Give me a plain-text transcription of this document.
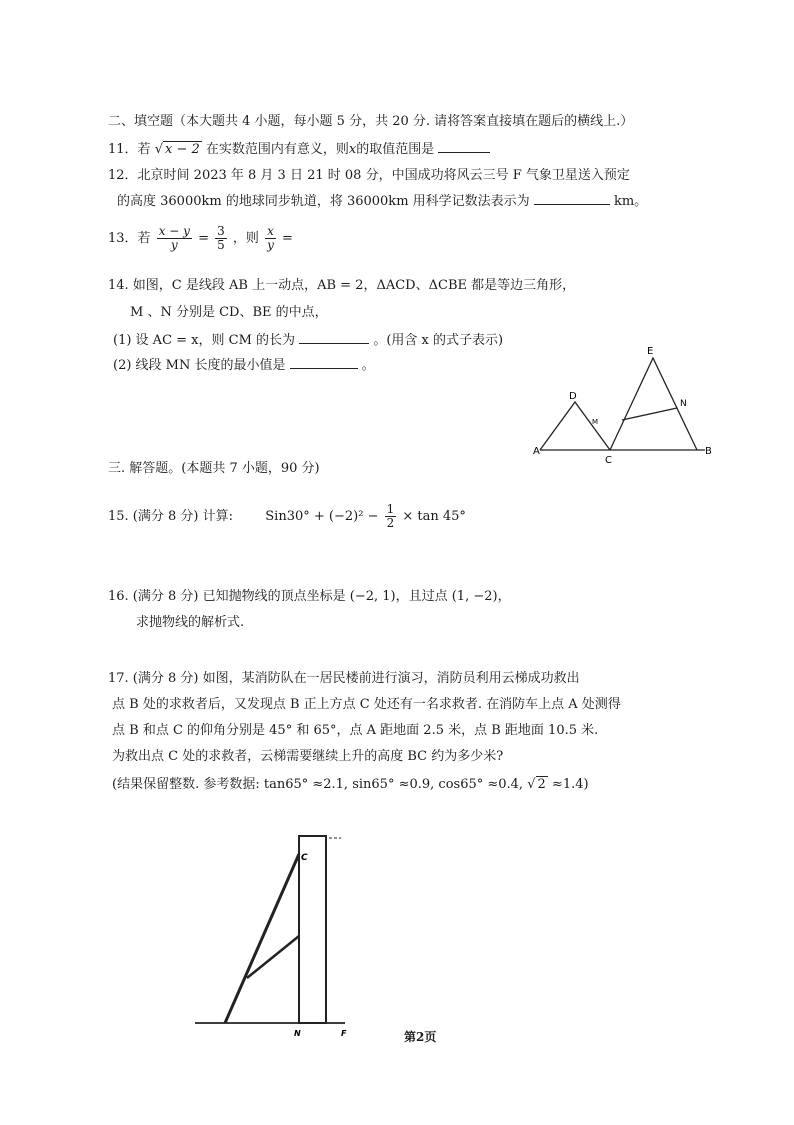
二、填空题（本大题共 4 小题，每小题 5 分，共 20 分. 请将答案直接填在题后的横线上.）
11．若 √ x − 2 在实数范围内有意义，则x的取值范围是
12．北京时间 2023 年 8 月 3 日 21 时 08 分，中国成功将风云三号 F 气象卫星送入预定
的高度 36000km 的地球同步轨道，将 36000km 用科学记数法表示为	km。
13．若 $\frac{x - y}{y} = \frac{3}{5}$ ，则 $\frac{x}{y}$ =
14. 如图，C 是线段 AB 上一动点，AB = 2，ΔACD、ΔCBE 都是等边三角形，
M 、N 分别是 CD、BE 的中点，
(1) 设 AC = x，则 CM 的长为	。(用含 x 的式子表示)
(2) 线段 MN 长度的最小值是	。
A	B
C
D
E
M
N
三. 解答题。(本题共 7 小题，90 分)
15. (满分 8 分) 计算: $Sin30^\circ + (-2)^2 - \frac{1}{2} \times \tan 45^\circ$
16. (满分 8 分) 已知抛物线的顶点坐标是 (−2, 1)，且过点 (1, −2)，
求抛物线的解析式.
17. (满分 8 分) 如图，某消防队在一居民楼前进行演习，消防员利用云梯成功救出
点 B 处的求救者后，又发现点 B 正上方点 C 处还有一名求救者. 在消防车上点 A 处测得
点 B 和点 C 的仰角分别是 45° 和 65°，点 A 距地面 2.5 米，点 B 距地面 10.5 米.
为救出点 C 处的求救者，云梯需要继续上升的高度 BC 约为多少米?
(结果保留整数. 参考数据: tan65° ≈2.1, sin65° ≈0.9, cos65° ≈0.4, √ 2 ≈1.4)
C
N	F	第2页
